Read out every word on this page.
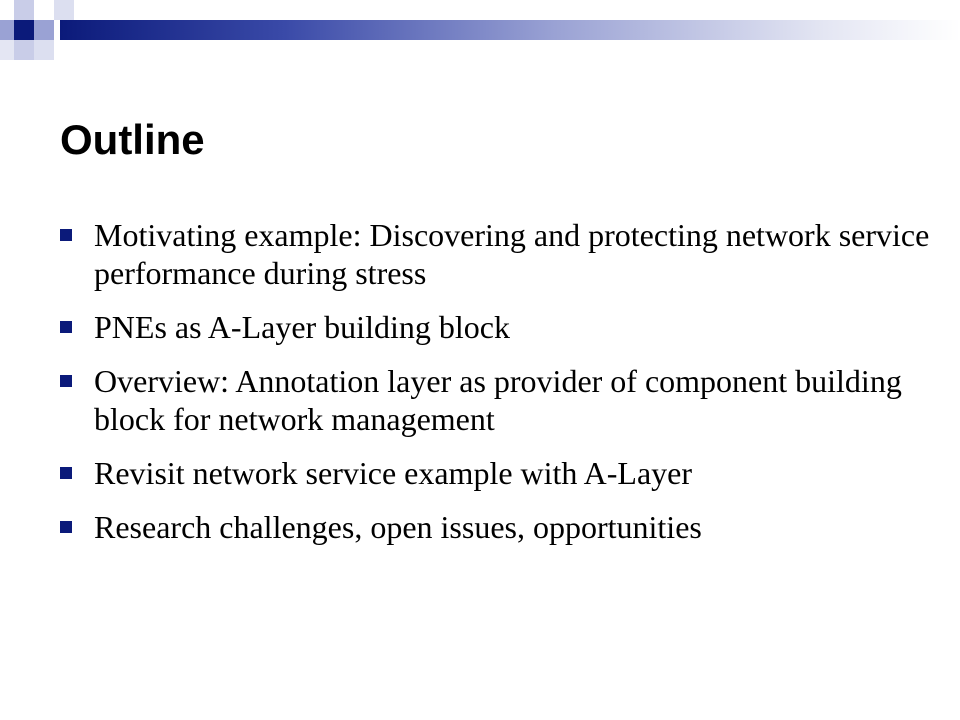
Outline
Motivating example: Discovering and protecting network service performance during stress
PNEs as A-Layer building block
Overview: Annotation layer as provider of component building block for network management
Revisit network service example with A-Layer
Research challenges, open issues, opportunities
